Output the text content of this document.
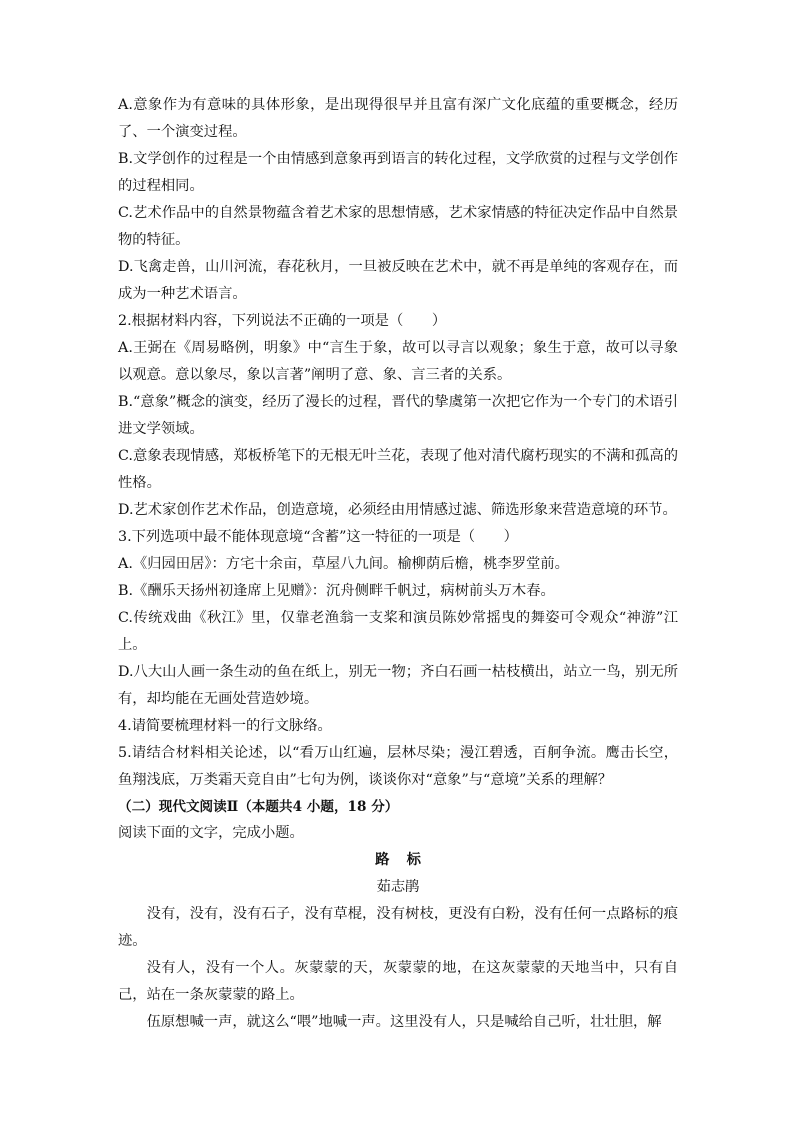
A.意象作为有意味的具体形象，是出现得很早并且富有深广文化底蕴的重要概念，经历了、一个演变过程。

B.文学创作的过程是一个由情感到意象再到语言的转化过程，文学欣赏的过程与文学创作的过程相同。

C.艺术作品中的自然景物蕴含着艺术家的思想情感，艺术家情感的特征决定作品中自然景物的特征。

D.飞禽走兽，山川河流，春花秋月，一旦被反映在艺术中，就不再是单纯的客观存在，而成为一种艺术语言。

2.根据材料内容，下列说法不正确的一项是（　　）

A.王弼在《周易略例，明象》中“言生于象，故可以寻言以观象；象生于意，故可以寻象以观意。意以象尽，象以言著”阐明了意、象、言三者的关系。

B.“意象”概念的演变，经历了漫长的过程，晋代的挚虞第一次把它作为一个专门的术语引进文学领域。

C.意象表现情感，郑板桥笔下的无根无叶兰花，表现了他对清代腐朽现实的不满和孤高的性格。

D.艺术家创作艺术作品，创造意境，必须经由用情感过滤、筛选形象来营造意境的环节。

3.下列选项中最不能体现意境“含蓄”这一特征的一项是（　　）

A.《归园田居》：方宅十余亩，草屋八九间。榆柳荫后檐，桃李罗堂前。

B.《酬乐天扬州初逢席上见赠》：沉舟侧畔千帆过，病树前头万木春。

C.传统戏曲《秋江》里，仅靠老渔翁一支桨和演员陈妙常摇曳的舞姿可令观众“神游”江上。

D.八大山人画一条生动的鱼在纸上，别无一物；齐白石画一枯枝横出，站立一鸟，别无所有，却均能在无画处营造妙境。

4.请简要梳理材料一的行文脉络。

5.请结合材料相关论述，以“看万山红遍，层林尽染；漫江碧透，百舸争流。鹰击长空，鱼翔浅底，万类霜天竞自由”七句为例，谈谈你对“意象”与“意境”关系的理解？

（二）现代文阅读Ⅱ（本题共4 小题，18 分）

阅读下面的文字，完成小题。

路标

茹志鹃

没有，没有，没有石子，没有草棍，没有树枝，更没有白粉，没有任何一点路标的痕迹。

没有人，没有一个人。灰蒙蒙的天，灰蒙蒙的地，在这灰蒙蒙的天地当中，只有自己，站在一条灰蒙蒙的路上。

伍原想喊一声，就这么“喂”地喊一声。这里没有人，只是喊给自己听，壮壮胆，解
